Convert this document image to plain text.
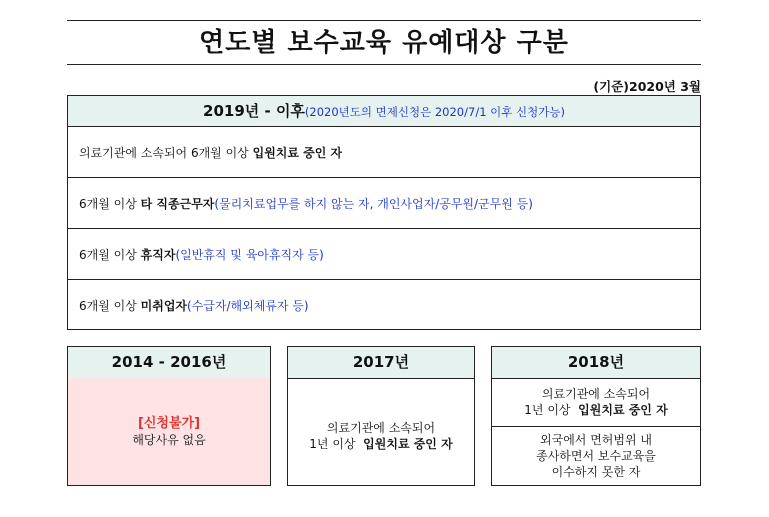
연도별 보수교육 유예대상 구분
(기준)2020년 3월
2019년 - 이후(2020년도의 면제신청은 2020/7/1 이후 신청가능)
의료기관에 소속되어 6개월 이상
입원치료 중인 자
6개월 이상
타 직종근무자 (물리치료업무를 하지 않는 자, 개인사업자/공무원/군무원 등)
6개월 이상
휴직자 (일반휴직 및 육아휴직자 등)
6개월 이상
미취업자 (수급자/해외체류자 등)
2014 - 2016년
[신청불가]
해당사유 없음
2017년
의료기관에 소속되어
1년 이상  입원치료 중인 자
2018년
의료기관에 소속되어
1년 이상  입원치료 중인 자
외국에서 면허범위 내
종사하면서 보수교육을
이수하지 못한 자
